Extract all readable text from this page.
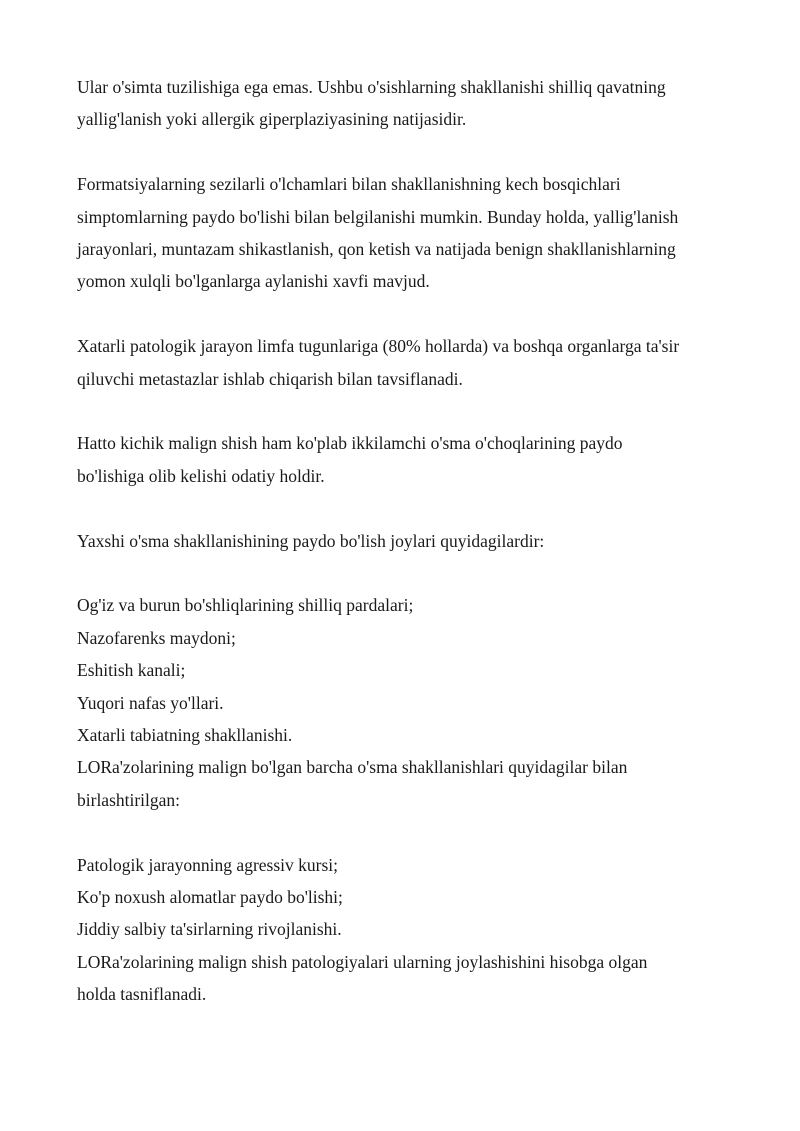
Ular o'simta tuzilishiga ega emas. Ushbu o'sishlarning shakllanishi shilliq qavatning
yallig'lanish yoki allergik giperplaziyasining natijasidir.

Formatsiyalarning sezilarli o'lchamlari bilan shakllanishning kech bosqichlari
simptomlarning paydo bo'lishi bilan belgilanishi mumkin. Bunday holda, yallig'lanish
jarayonlari, muntazam shikastlanish, qon ketish va natijada benign shakllanishlarning
yomon xulqli bo'lganlarga aylanishi xavfi mavjud.

Xatarli patologik jarayon limfa tugunlariga (80% hollarda) va boshqa organlarga ta'sir
qiluvchi metastazlar ishlab chiqarish bilan tavsiflanadi.

Hatto kichik malign shish ham ko'plab ikkilamchi o'sma o'choqlarining paydo
bo'lishiga olib kelishi odatiy holdir.

Yaxshi o'sma shakllanishining paydo bo'lish joylari quyidagilardir:

Og'iz va burun bo'shliqlarining shilliq pardalari;
Nazofarenks maydoni;
Eshitish kanali;
Yuqori nafas yo'llari.
Xatarli tabiatning shakllanishi.

LORa'zolarining malign bo'lgan barcha o'sma shakllanishlari quyidagilar bilan
birlashtirilgan:

Patologik jarayonning agressiv kursi;
Ko'p noxush alomatlar paydo bo'lishi;
Jiddiy salbiy ta'sirlarning rivojlanishi.
LORa'zolarining malign shish patologiyalari ularning joylashishini hisobga olgan
holda tasniflanadi.
